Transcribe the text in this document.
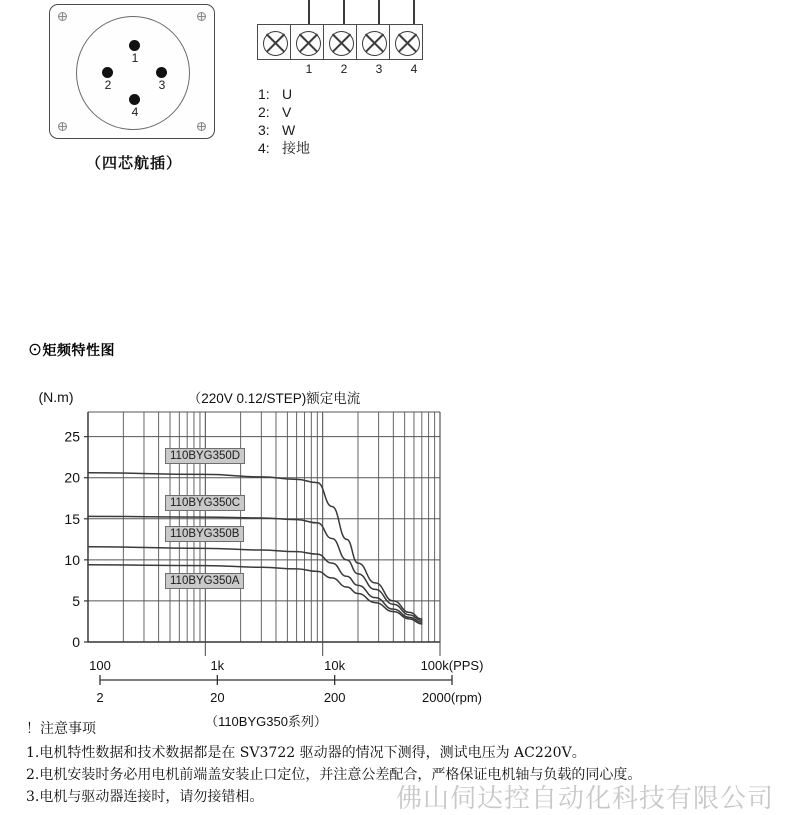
1
2	3
4
（四芯航插）
1	2	3	4
1: U
2: V
3: W
4: 接地
⊙矩频特性图
0
5
10
15
20
25
(N.m)	（220V 0.12/STEP)额定电流
100
2
1k
20
10k
200
100k(PPS)
2000(rpm)
（110BYG350系列）
佛山伺达控自动化科技有限公司
110BYG350D
110BYG350C
110BYG350B
110BYG350A
！注意事项
1.电机特性数据和技术数据都是在 SV3722 驱动器的情况下测得，测试电压为 AC220V。
2.电机安装时务必用电机前端盖安装止口定位，并注意公差配合，严格保证电机轴与负载的同心度。
3.电机与驱动器连接时，请勿接错相。
